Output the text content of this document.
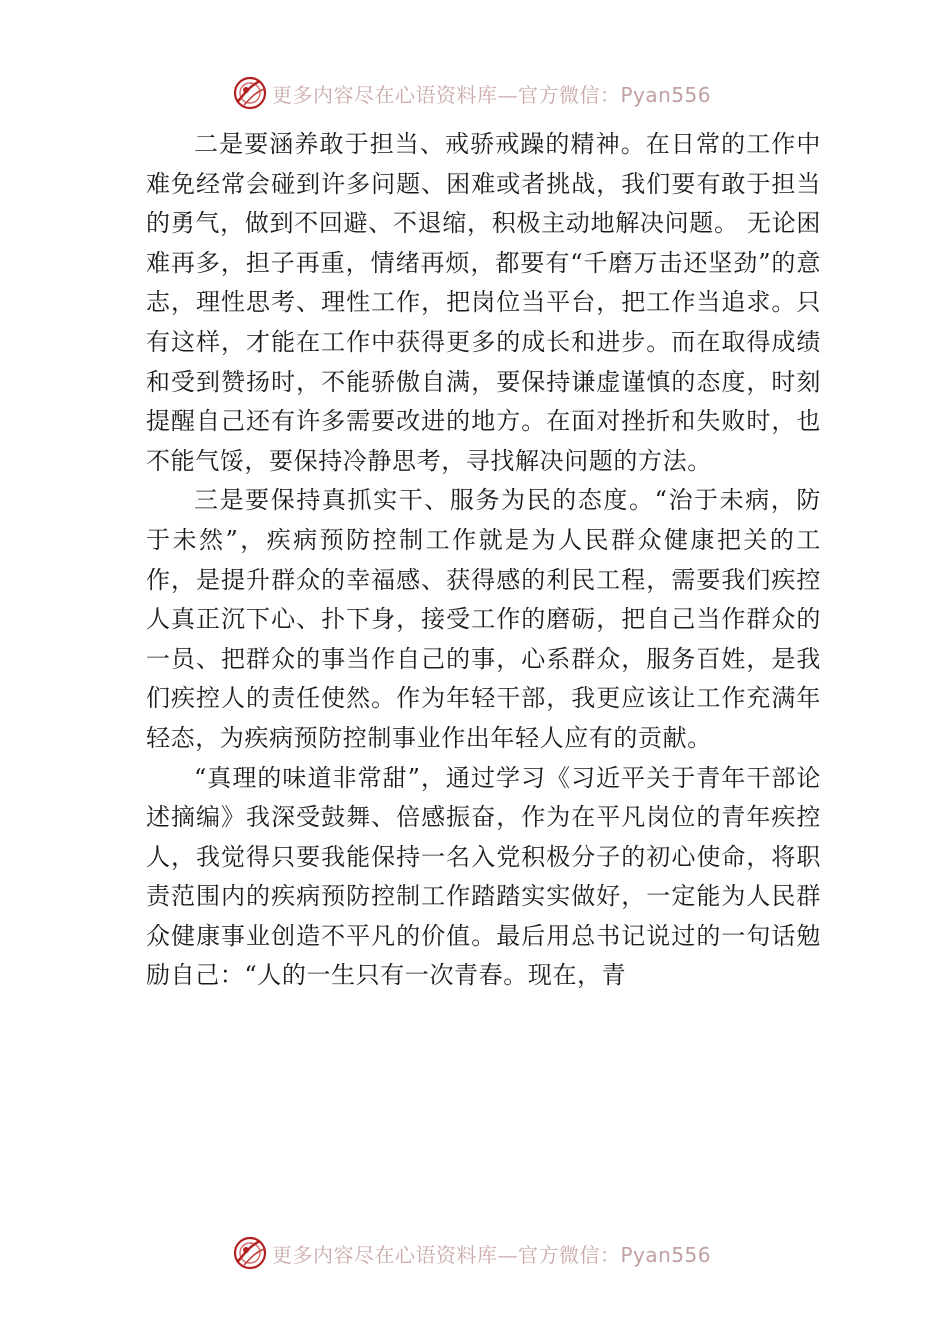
更多内容尽在心语资料库—官方微信：Pyan556

二是要涵养敢于担当、戒骄戒躁的精神。在日常的工作中难免经常会碰到许多问题、困难或者挑战，我们要有敢于担当的勇气，做到不回避、不退缩，积极主动地解决问题。 无论困难再多，担子再重，情绪再烦，都要有“千磨万击还坚劲”的意志，理性思考、理性工作，把岗位当平台，把工作当追求。只有这样，才能在工作中获得更多的成长和进步。而在取得成绩和受到赞扬时，不能骄傲自满，要保持谦虚谨慎的态度，时刻提醒自己还有许多需要改进的地方。在面对挫折和失败时，也不能气馁，要保持冷静思考，寻找解决问题的方法。

三是要保持真抓实干、服务为民的态度。“治于未病，防于未然”，疾病预防控制工作就是为人民群众健康把关的工作，是提升群众的幸福感、获得感的利民工程，需要我们疾控人真正沉下心、扑下身，接受工作的磨砺，把自己当作群众的一员、把群众的事当作自己的事，心系群众，服务百姓，是我们疾控人的责任使然。作为年轻干部，我更应该让工作充满年轻态，为疾病预防控制事业作出年轻人应有的贡献。

“真理的味道非常甜”，通过学习《习近平关于青年干部论述摘编》我深受鼓舞、倍感振奋，作为在平凡岗位的青年疾控人，我觉得只要我能保持一名入党积极分子的初心使命，将职责范围内的疾病预防控制工作踏踏实实做好，一定能为人民群众健康事业创造不平凡的价值。最后用总书记说过的一句话勉励自己：“人的一生只有一次青春。现在，青

更多内容尽在心语资料库—官方微信：Pyan556
